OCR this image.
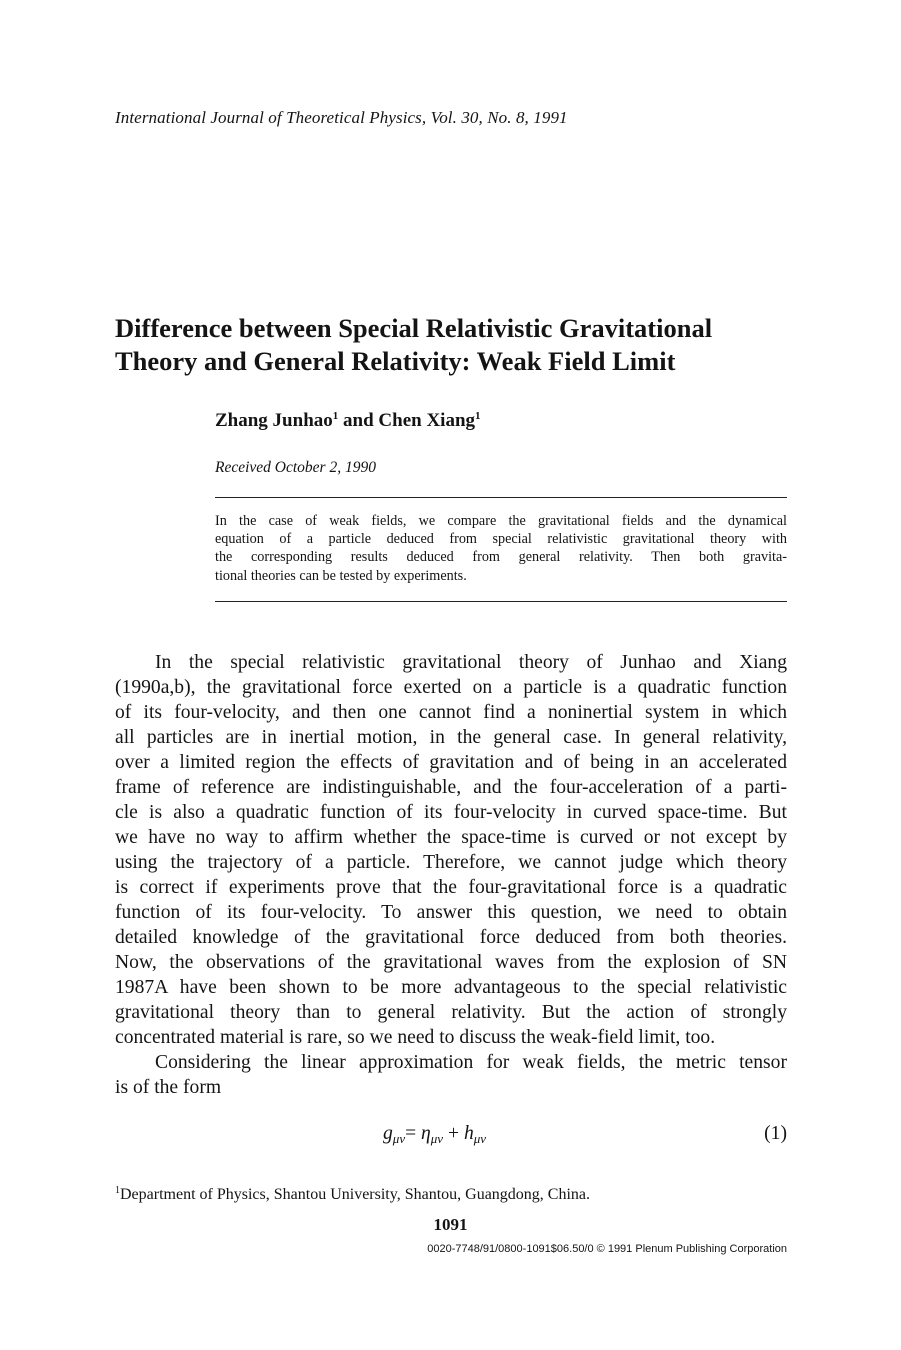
International Journal of Theoretical Physics, Vol. 30, No. 8, 1991
Difference between Special Relativistic Gravitational
Theory and General Relativity: Weak Field Limit
Zhang Junhao$^1$ and Chen Xiang$^1$
Received October 2, 1990
In the case of weak fields, we compare the gravitational fields and the dynamical
equation of a particle deduced from special relativistic gravitational theory with
the corresponding results deduced from general relativity. Then both gravita-
tional theories can be tested by experiments.
In the special relativistic gravitational theory of Junhao and Xiang
(1990a,b), the gravitational force exerted on a particle is a quadratic function
of its four-velocity, and then one cannot find a noninertial system in which
all particles are in inertial motion, in the general case. In general relativity,
over a limited region the effects of gravitation and of being in an accelerated
frame of reference are indistinguishable, and the four-acceleration of a parti-
cle is also a quadratic function of its four-velocity in curved space-time. But
we have no way to affirm whether the space-time is curved or not except by
using the trajectory of a particle. Therefore, we cannot judge which theory
is correct if experiments prove that the four-gravitational force is a quadratic
function of its four-velocity. To answer this question, we need to obtain
detailed knowledge of the gravitational force deduced from both theories.
Now, the observations of the gravitational waves from the explosion of SN
1987A have been shown to be more advantageous to the special relativistic
gravitational theory than to general relativity. But the action of strongly
concentrated material is rare, so we need to discuss the weak-field limit, too.
Considering the linear approximation for weak fields, the metric tensor
is of the form
$g_{\mu\nu}= \eta_{\mu\nu} + h_{\mu\nu}$	(1)
$^1$Department of Physics, Shantou University, Shantou, Guangdong, China.
1091
0020-7748/91/0800-1091$06.50/0 © 1991 Plenum Publishing Corporation
